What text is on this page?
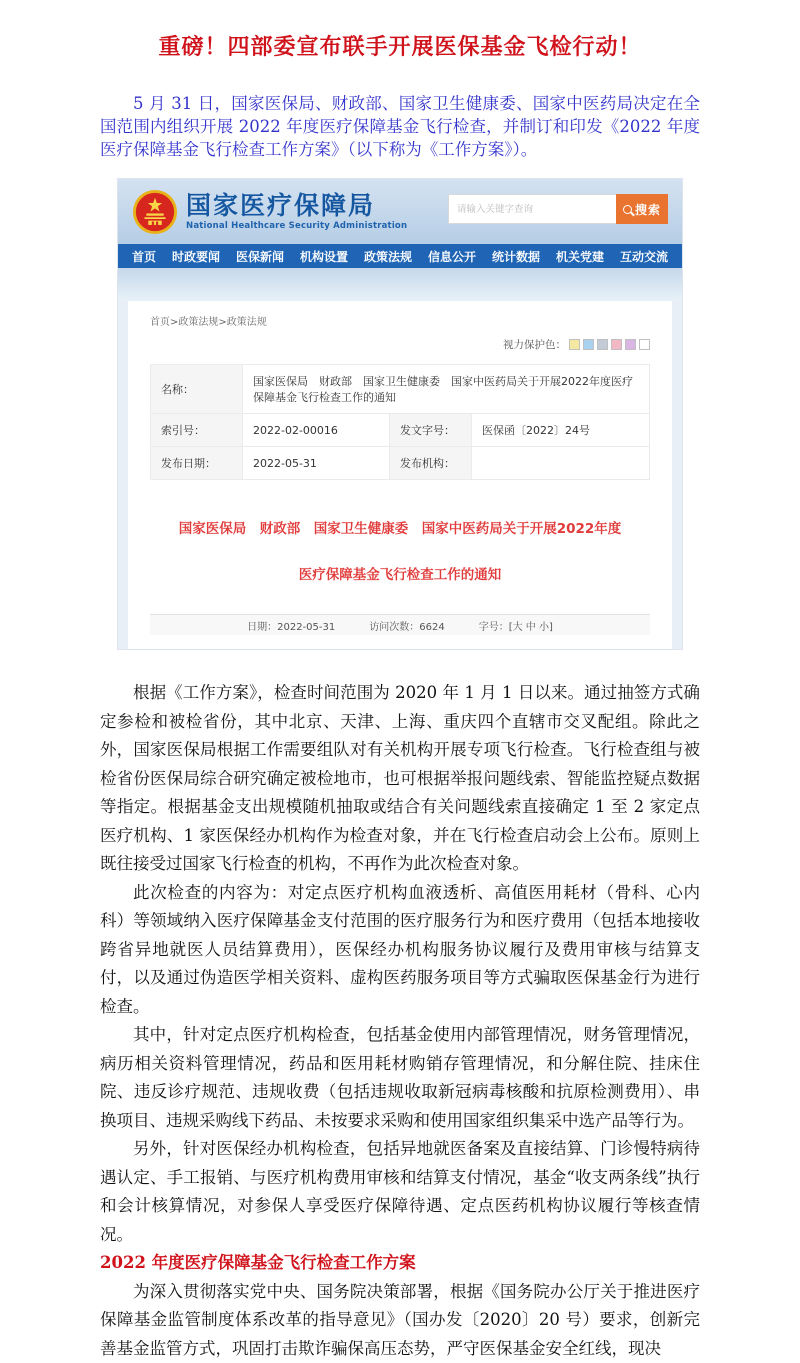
重磅！四部委宣布联手开展医保基金飞检行动！

5 月 31 日，国家医保局、财政部、国家卫生健康委、国家中医药局决定在全国范围内组织开展 2022 年度医疗保障基金飞行检查，并制订和印发《2022 年度医疗保障基金飞行检查工作方案》（以下称为《工作方案》）。

国家医疗保障局
National Healthcare Security Administration
请输入关键字查询
搜索
首页 时政要闻 医保新闻 机构设置 政策法规 信息公开 统计数据 机关党建 互动交流
首页>政策法规>政策法规
视力保护色：
名称：	国家医保局　财政部　国家卫生健康委　国家中医药局关于开展2022年度医疗保障基金飞行检查工作的通知		
索引号：	2022-02-00016	发文字号：	医保函〔2022〕24号
发布日期：	2022-05-31	发布机构：	
国家医保局　财政部　国家卫生健康委　国家中医药局关于开展2022年度
医疗保障基金飞行检查工作的通知
日期：2022-05-31	访问次数：6624	字号：[大 中 小]

根据《工作方案》，检查时间范围为 2020 年 1 月 1 日以来。通过抽签方式确定参检和被检省份，其中北京、天津、上海、重庆四个直辖市交叉配组。除此之外，国家医保局根据工作需要组队对有关机构开展专项飞行检查。飞行检查组与被检省份医保局综合研究确定被检地市，也可根据举报问题线索、智能监控疑点数据等指定。根据基金支出规模随机抽取或结合有关问题线索直接确定 1 至 2 家定点医疗机构、1 家医保经办机构作为检查对象，并在飞行检查启动会上公布。原则上既往接受过国家飞行检查的机构，不再作为此次检查对象。

此次检查的内容为：对定点医疗机构血液透析、高值医用耗材（骨科、心内科）等领域纳入医疗保障基金支付范围的医疗服务行为和医疗费用（包括本地接收跨省异地就医人员结算费用），医保经办机构服务协议履行及费用审核与结算支付，以及通过伪造医学相关资料、虚构医药服务项目等方式骗取医保基金行为进行检查。

其中，针对定点医疗机构检查，包括基金使用内部管理情况，财务管理情况，病历相关资料管理情况，药品和医用耗材购销存管理情况，和分解住院、挂床住院、违反诊疗规范、违规收费（包括违规收取新冠病毒核酸和抗原检测费用）、串换项目、违规采购线下药品、未按要求采购和使用国家组织集采中选产品等行为。

另外，针对医保经办机构检查，包括异地就医备案及直接结算、门诊慢特病待遇认定、手工报销、与医疗机构费用审核和结算支付情况，基金“收支两条线”执行和会计核算情况，对参保人享受医疗保障待遇、定点医药机构协议履行等核查情况。

2022 年度医疗保障基金飞行检查工作方案

为深入贯彻落实党中央、国务院决策部署，根据《国务院办公厅关于推进医疗保障基金监管制度体系改革的指导意见》（国办发〔2020〕20 号）要求，创新完善基金监管方式，巩固打击欺诈骗保高压态势，严守医保基金安全红线，现决
